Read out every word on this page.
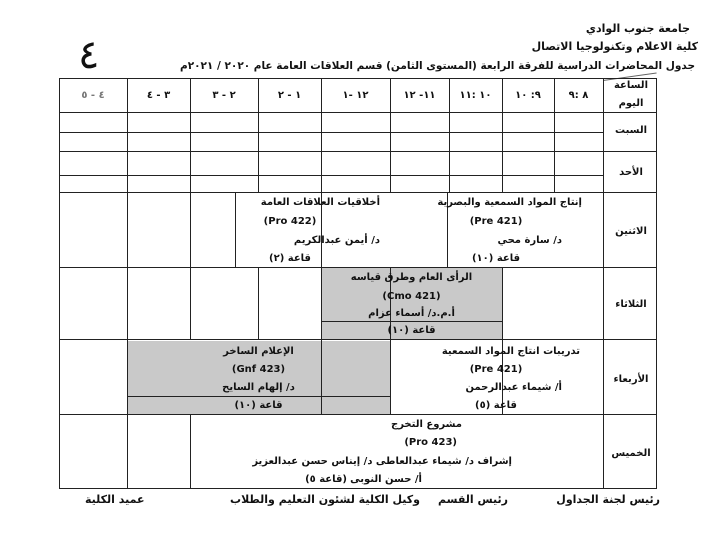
جامعة جنوب الوادي
كلية الاعلام وتكنولوجيا الاتصال
٤	جدول المحاضرات الدراسية للفرقة الرابعة (المستوى الثامن) قسم العلاقات العامة عام ٢٠٢٠ / ٢٠٢١م
الساعة
اليوم
٨ :٩
٩: ١٠
١٠ :١١
١١- ١٢
١٢ -١
١ - ٢
٢ - ٣
٣ - ٤
٤ - ٥
السبت
الأحد
الاثنين
الثلاثاء
الأربعاء
الخميس
إنتاج المواد السمعية والبصرية
(Pre 421)
د/ سارة محي
قاعة (١٠)
أخلاقيات العلاقات العامة
(Pro 422)
د/ أيمن عبدالكريم
قاعة (٢)
الرأى العام وطرق قياسه
(Cmo 421)
أ.م.د/ أسماء عزام
قاعة (١٠)
تدريبات انتاج المواد السمعية
(Pre 421)
أ/ شيماء عبدالرحمن
قاعة (٥)
الإعلام الساخر
(Gnf 423)
د/ إلهام السايح
قاعة (١٠)
مشروع التخرج
(Pro 423)
إشراف د/ شيماء عبدالعاطى د/ إيناس حسن عبدالعزيز
أ/ حسن النوبى
(قاعة ٥)
رئيس لجنة الجداول
رئيس القسم
وكيل الكلية لشئون التعليم والطلاب
عميد الكلية
